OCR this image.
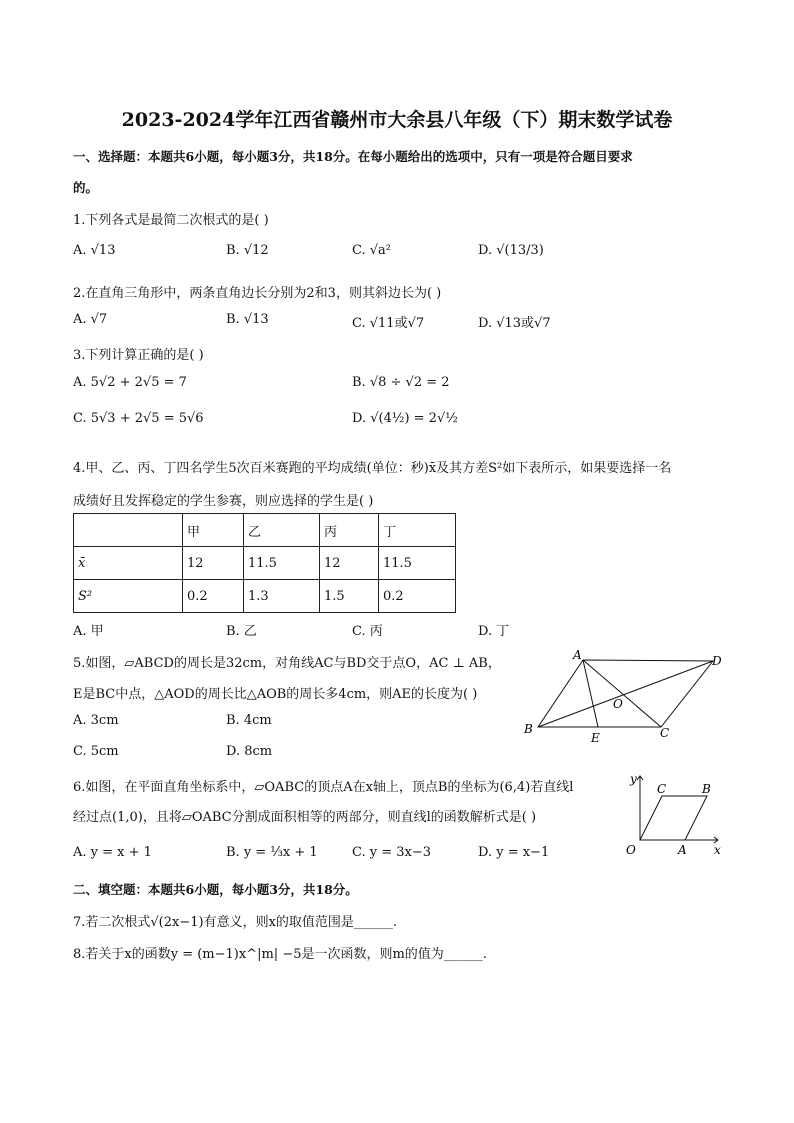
2023-2024学年江西省赣州市大余县八年级（下）期末数学试卷
一、选择题：本题共6小题，每小题3分，共18分。在每小题给出的选项中，只有一项是符合题目要求
的。
1.下列各式是最简二次根式的是( )
A. √13	B. √12	C. √a²	D. √(13/3)
2.在直角三角形中，两条直角边长分别为2和3，则其斜边长为( )
A. √7	B. √13	C. √11或√7	D. √13或√7
3.下列计算正确的是( )
A. 5√2 + 2√5 = 7	B. √8 ÷ √2 = 2
C. 5√3 + 2√5 = 5√6	D. √(4½) = 2√½
4.甲、乙、丙、丁四名学生5次百米赛跑的平均成绩(单位：秒)x̄及其方差S²如下表所示，如果要选择一名
成绩好且发挥稳定的学生参赛，则应选择的学生是( )
	甲	乙	丙	丁
x̄	12	11.5	12	11.5
S²	0.2	1.3	1.5	0.2
A. 甲	B. 乙	C. 丙	D. 丁
5.如图，▱ABCD的周长是32cm，对角线AC与BD交于点O，AC ⊥ AB，
E是BC中点，△AOD的周长比△AOB的周长多4cm，则AE的长度为( )
A. 3cm	B. 4cm
C. 5cm	D. 8cm
A	D
B	C
E
O
6.如图，在平面直角坐标系中，▱OABC的顶点A在x轴上，顶点B的坐标为(6,4)若直线l
经过点(1,0)，且将▱OABC分割成面积相等的两部分，则直线l的函数解析式是( )
A. y = x + 1	B. y = ⅓x + 1	C. y = 3x−3	D. y = x−1
y
x
O	A
B
C
二、填空题：本题共6小题，每小题3分，共18分。
7.若二次根式√(2x−1)有意义，则x的取值范围是______.
8.若关于x的函数y = (m−1)x^|m| −5是一次函数，则m的值为______.
